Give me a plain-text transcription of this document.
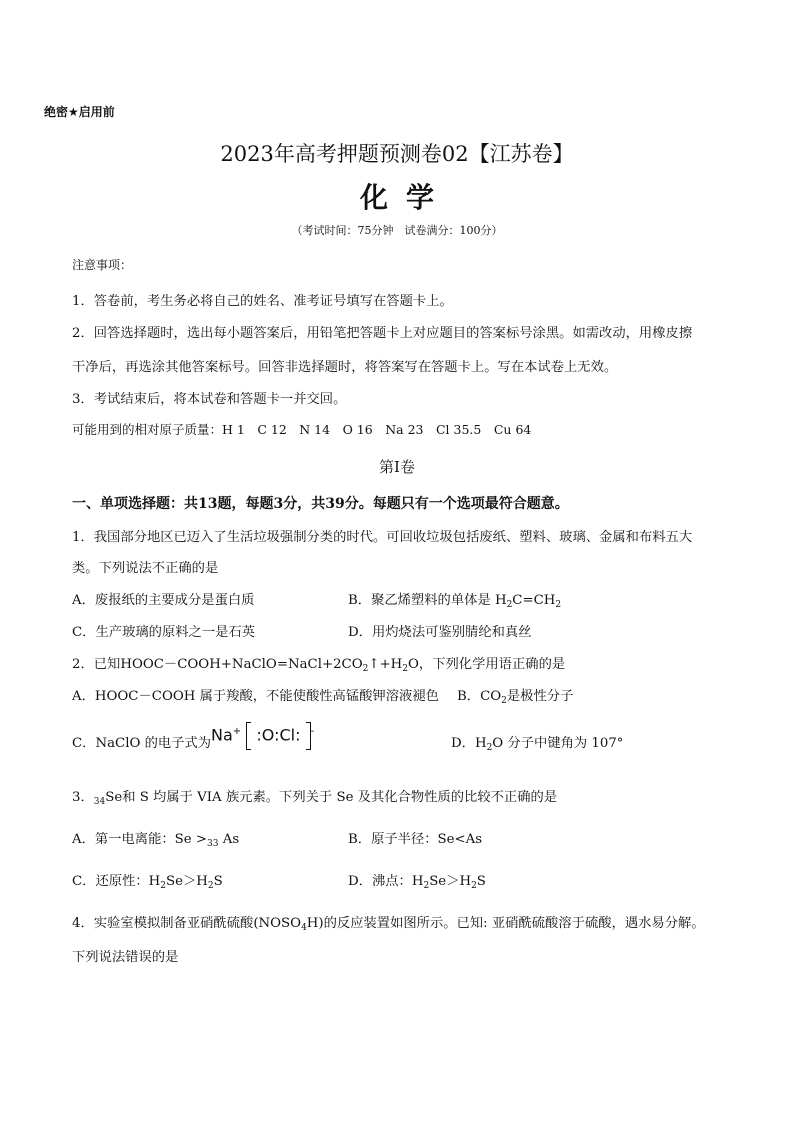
绝密★启用前
2023年高考押题预测卷02【江苏卷】
化学
（考试时间：75分钟　试卷满分：100分）
注意事项：
1．答卷前，考生务必将自己的姓名、准考证号填写在答题卡上。
2．回答选择题时，选出每小题答案后，用铅笔把答题卡上对应题目的答案标号涂黑。如需改动，用橡皮擦
干净后，再选涂其他答案标号。回答非选择题时，将答案写在答题卡上。写在本试卷上无效。
3．考试结束后，将本试卷和答题卡一并交回。
可能用到的相对原子质量：H 1　C 12　N 14　O 16　Na 23　Cl 35.5　Cu 64
第Ⅰ卷
一、单项选择题：共13题，每题3分，共39分。每题只有一个选项最符合题意。
1．我国部分地区已迈入了生活垃圾强制分类的时代。可回收垃圾包括废纸、塑料、玻璃、金属和布料五大
类。下列说法不正确的是
A．废报纸的主要成分是蛋白质	B．聚乙烯塑料的单体是 $H_2C=CH_2$
C．生产玻璃的原料之一是石英	D．用灼烧法可鉴别腈纶和真丝
2．已知$HOOC-COOH+NaClO=NaCl+2CO_2↑+H_2O$，下列化学用语正确的是
A．HOOC－COOH 属于羧酸，不能使酸性高锰酸钾溶液褪色 B．$CO_2$是极性分子
C．NaClO 的电子式为 Na+ :O:Cl: -
D．$H_2O$ 分子中键角为 107°
3．$_{34}$Se和 S 均属于 VIA 族元素。下列关于 Se 及其化合物性质的比较不正确的是
A．第一电离能：$Se >_{33}$ As	B．原子半径：Se<As
C．还原性：$H_2Se>H_2S$	D．沸点：$H_2Se>H_2S$
4．实验室模拟制备亚硝酰硫酸$(NOSO_4H)$的反应装置如图所示。已知: 亚硝酰硫酸溶于硫酸，遇水易分解。
下列说法错误的是
